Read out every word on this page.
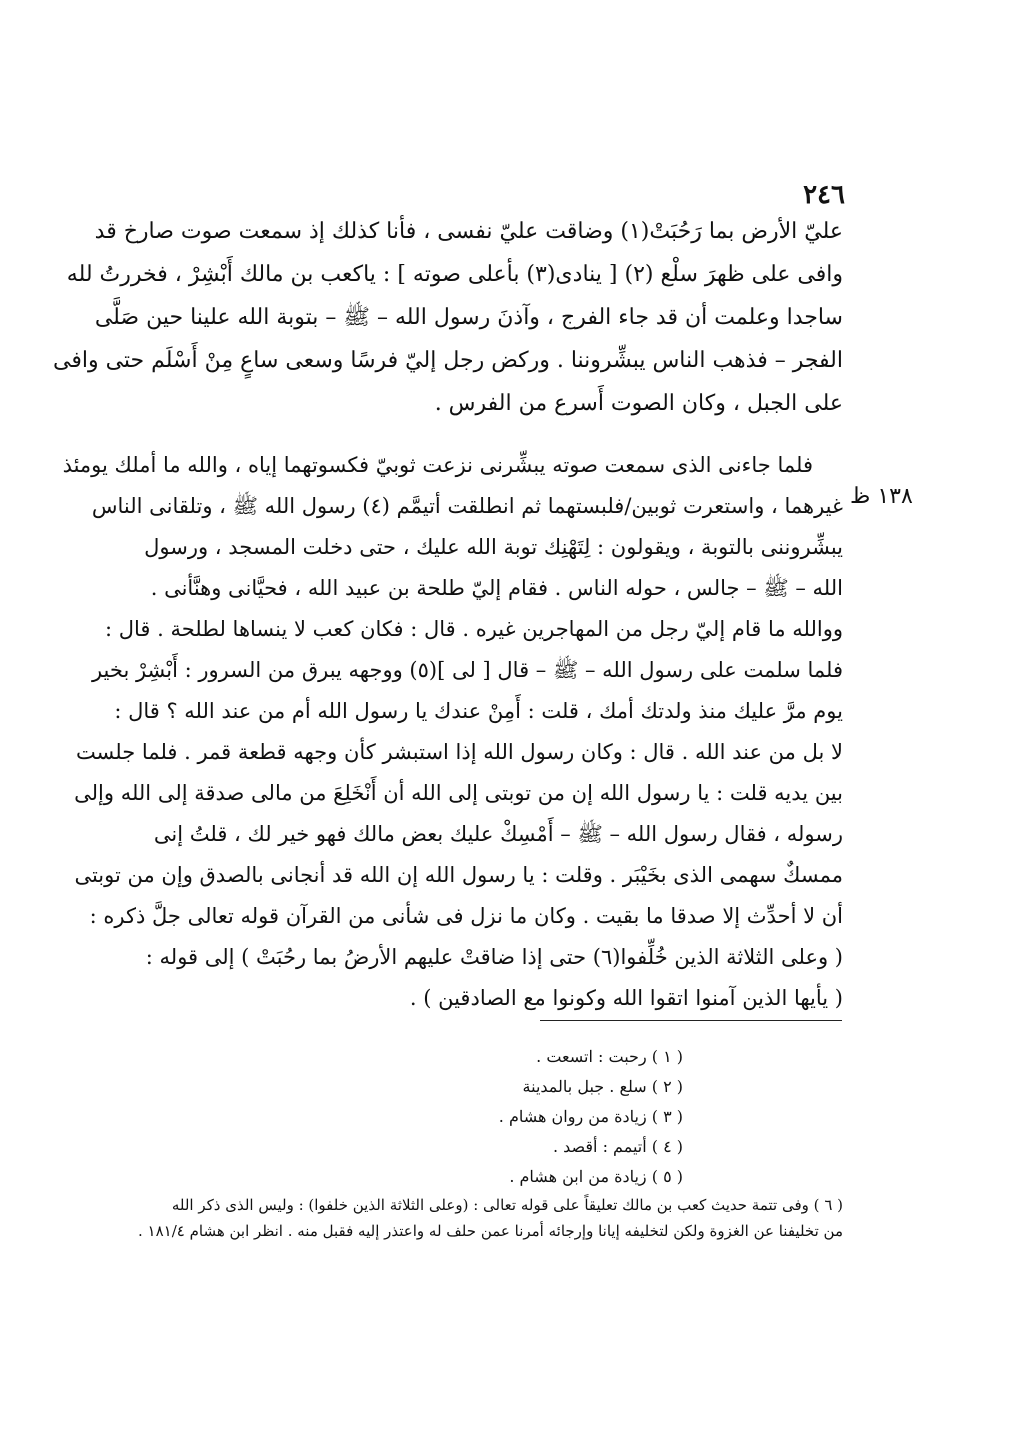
٢٤٦
١٣٨ ظ
عليّ الأرض بما رَحُبَتْ(١) وضاقت عليّ نفسى ، فأنا كذلك إذ سمعت صوت صارخ قد
وافى على ظهرَ سلْع (٢) [ ينادى(٣) بأعلى صوته ] : ياكعب بن مالك أَبْشِرْ ، فخررتُ لله
ساجدا وعلمت أن قد جاء الفرج ، وآذنَ رسول الله – ﷺ – بتوبة الله علينا حين صَلَّى
الفجر – فذهب الناس يبشِّروننا . وركض رجل إليّ فرسًا وسعى ساعٍ مِنْ أَسْلَم حتى وافى
على الجبل ، وكان الصوت أَسرع من الفرس .
فلما جاءنى الذى سمعت صوته يبشِّرنى نزعت ثوبيّ فكسوتهما إياه ، والله ما أملك يومئذ
غيرهما ، واستعرت ثوبين/فلبستهما ثم انطلقت أتيمَّم (٤) رسول الله ﷺ ، وتلقانى الناس
يبشِّروننى بالتوبة ، ويقولون : لِتَهْنِك توبة الله عليك ، حتى دخلت المسجد ، ورسول
الله – ﷺ – جالس ، حوله الناس . فقام إليّ طلحة بن عبيد الله ، فحيَّانى وهنَّأنى .
ووالله ما قام إليّ رجل من المهاجرين غيره . قال : فكان كعب لا ينساها لطلحة . قال :
فلما سلمت على رسول الله – ﷺ – قال [ لى ](٥) ووجهه يبرق من السرور : أَبْشِرْ بخير
يوم مرَّ عليك منذ ولدتك أمك ، قلت : أَمِنْ عندك يا رسول الله أم من عند الله ؟ قال :
لا بل من عند الله . قال : وكان رسول الله إذا استبشر كأن وجهه قطعة قمر . فلما جلست
بين يديه قلت : يا رسول الله إن من توبتى إلى الله أن أَنْخَلِعَ من مالى صدقة إلى الله وإلى
رسوله ، فقال رسول الله – ﷺ – أَمْسِكْ عليك بعض مالك فهو خير لك ، قلتُ إنى
ممسكٌ سهمى الذى بخَيْبَر . وقلت : يا رسول الله إن الله قد أنجانى بالصدق وإن من توبتى
أن لا أحدِّث إلا صدقا ما بقيت . وكان ما نزل فى شأنى من القرآن قوله تعالى جلَّ ذكره :
( وعلى الثلاثة الذين خُلِّفوا(٦) حتى إذا ضاقتْ عليهم الأرضُ بما رحُبَتْ ) إلى قوله :
( يأيها الذين آمنوا اتقوا الله وكونوا مع الصادقين ) .
( ١ ) رحبت : اتسعت .
( ٢ ) سلع . جبل بالمدينة
( ٣ ) زيادة من روان هشام .
( ٤ ) أتيمم : أقصد .
( ٥ ) زيادة من ابن هشام .
( ٦ ) وفى تتمة حديث كعب بن مالك تعليقاً على قوله تعالى : (وعلى الثلاثة الذين خلفوا) : وليس الذى ذكر الله
من تخليفنا عن الغزوة ولكن لتخليفه إيانا وإرجائه أمرنا عمن حلف له واعتذر إليه فقبل منه . انظر ابن هشام ١٨١/٤ .
